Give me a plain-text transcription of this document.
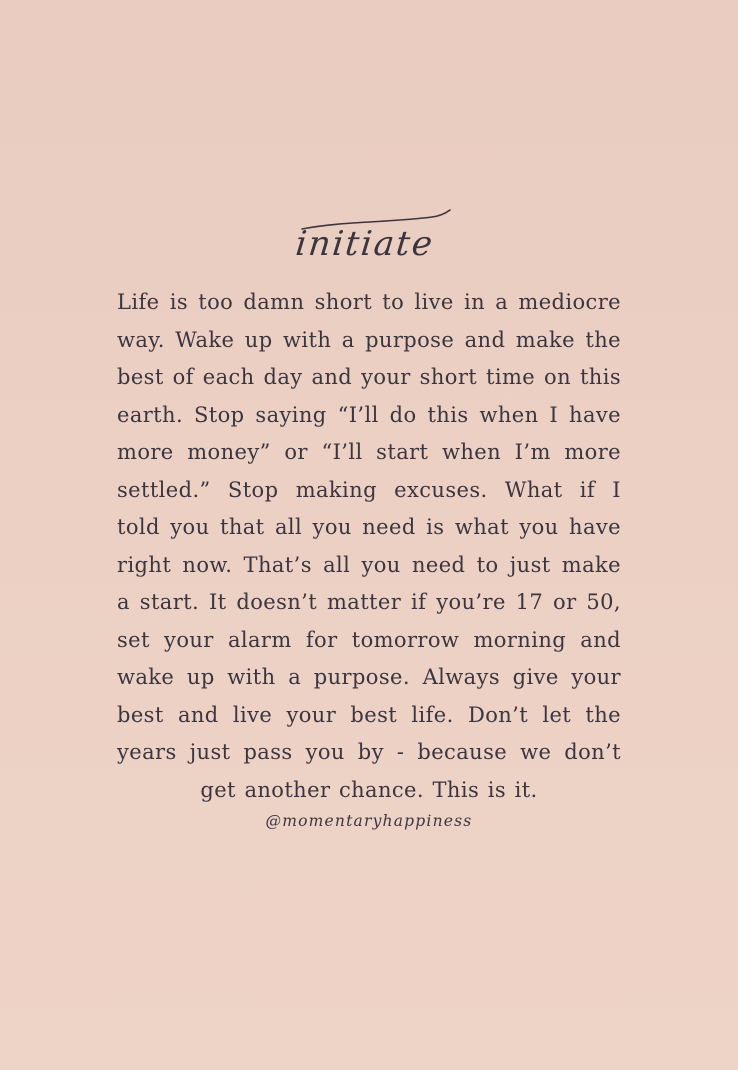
initiate
Life is too damn short to live in a mediocre
way. Wake up with a purpose and make the
best of each day and your short time on this
earth. Stop saying “I’ll do this when I have
more money” or “I’ll start when I’m more
settled.” Stop making excuses. What if I
told you that all you need is what you have
right now. That’s all you need to just make
a start. It doesn’t matter if you’re 17 or 50,
set your alarm for tomorrow morning and
wake up with a purpose. Always give your
best and live your best life. Don’t let the
years just pass you by - because we don’t
get another chance. This is it.
@momentaryhappiness
